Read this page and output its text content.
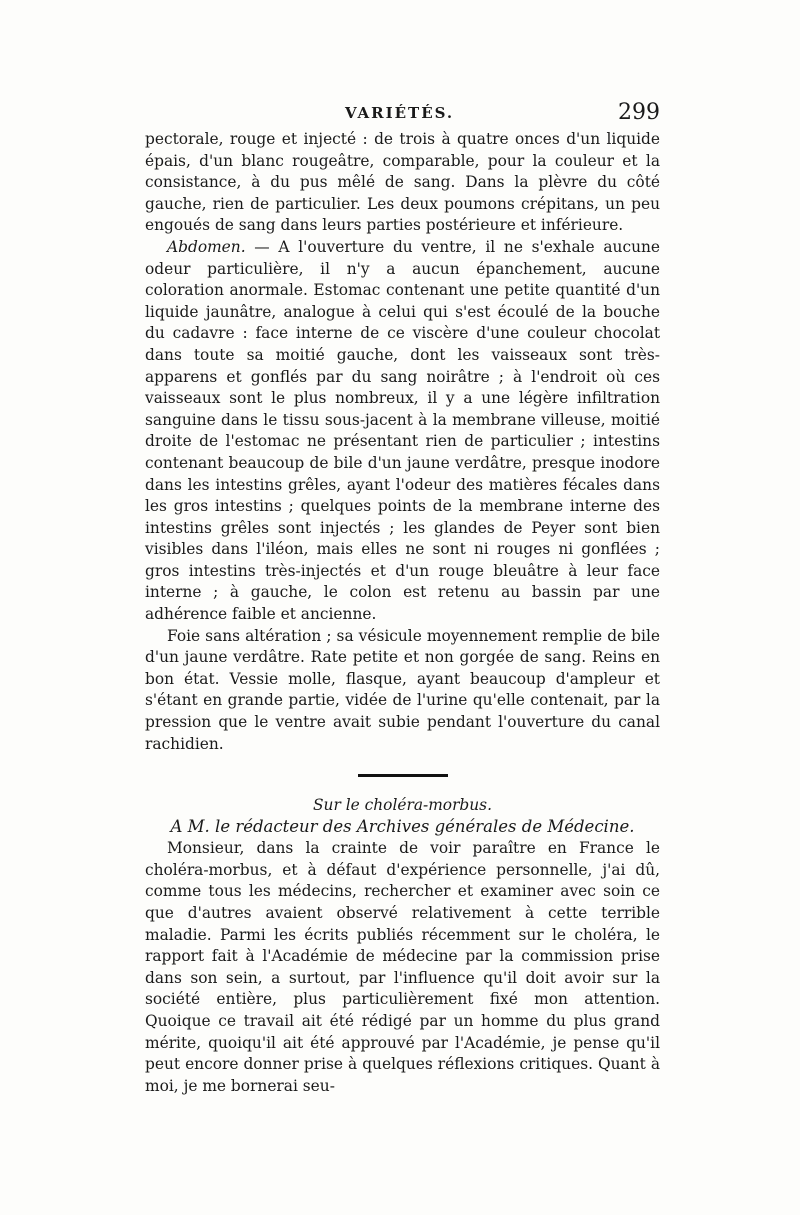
VARIÉTÉS.	299

pectorale, rouge et injecté : de trois à quatre onces d'un liquide épais, d'un blanc rougeâtre, comparable, pour la couleur et la consistance, à du pus mêlé de sang. Dans la plèvre du côté gauche, rien de particulier. Les deux poumons crépitans, un peu engoués de sang dans leurs parties postérieure et inférieure.

Abdomen. — A l'ouverture du ventre, il ne s'exhale aucune odeur particulière, il n'y a aucun épanchement, aucune coloration anormale. Estomac contenant une petite quantité d'un liquide jaunâtre, analogue à celui qui s'est écoulé de la bouche du cadavre : face interne de ce viscère d'une couleur chocolat dans toute sa moitié gauche, dont les vaisseaux sont très-apparens et gonflés par du sang noirâtre ; à l'endroit où ces vaisseaux sont le plus nombreux, il y a une légère infiltration sanguine dans le tissu sous-jacent à la membrane villeuse, moitié droite de l'estomac ne présentant rien de particulier ; intestins contenant beaucoup de bile d'un jaune verdâtre, presque inodore dans les intestins grêles, ayant l'odeur des matières fécales dans les gros intestins ; quelques points de la membrane interne des intestins grêles sont injectés ; les glandes de Peyer sont bien visibles dans l'iléon, mais elles ne sont ni rouges ni gonflées ; gros intestins très-injectés et d'un rouge bleuâtre à leur face interne ; à gauche, le colon est retenu au bassin par une adhérence faible et ancienne.

Foie sans altération ; sa vésicule moyennement remplie de bile d'un jaune verdâtre. Rate petite et non gorgée de sang. Reins en bon état. Vessie molle, flasque, ayant beaucoup d'ampleur et s'étant en grande partie, vidée de l'urine qu'elle contenait, par la pression que le ventre avait subie pendant l'ouverture du canal rachidien.

Sur le choléra-morbus.

A M. le rédacteur des Archives générales de Médecine.

Monsieur, dans la crainte de voir paraître en France le choléra-morbus, et à défaut d'expérience personnelle, j'ai dû, comme tous les médecins, rechercher et examiner avec soin ce que d'autres avaient observé relativement à cette terrible maladie. Parmi les écrits publiés récemment sur le choléra, le rapport fait à l'Académie de médecine par la commission prise dans son sein, a surtout, par l'influence qu'il doit avoir sur la société entière, plus particulièrement fixé mon attention. Quoique ce travail ait été rédigé par un homme du plus grand mérite, quoiqu'il ait été approuvé par l'Académie, je pense qu'il peut encore donner prise à quelques réflexions critiques. Quant à moi, je me bornerai seu-
